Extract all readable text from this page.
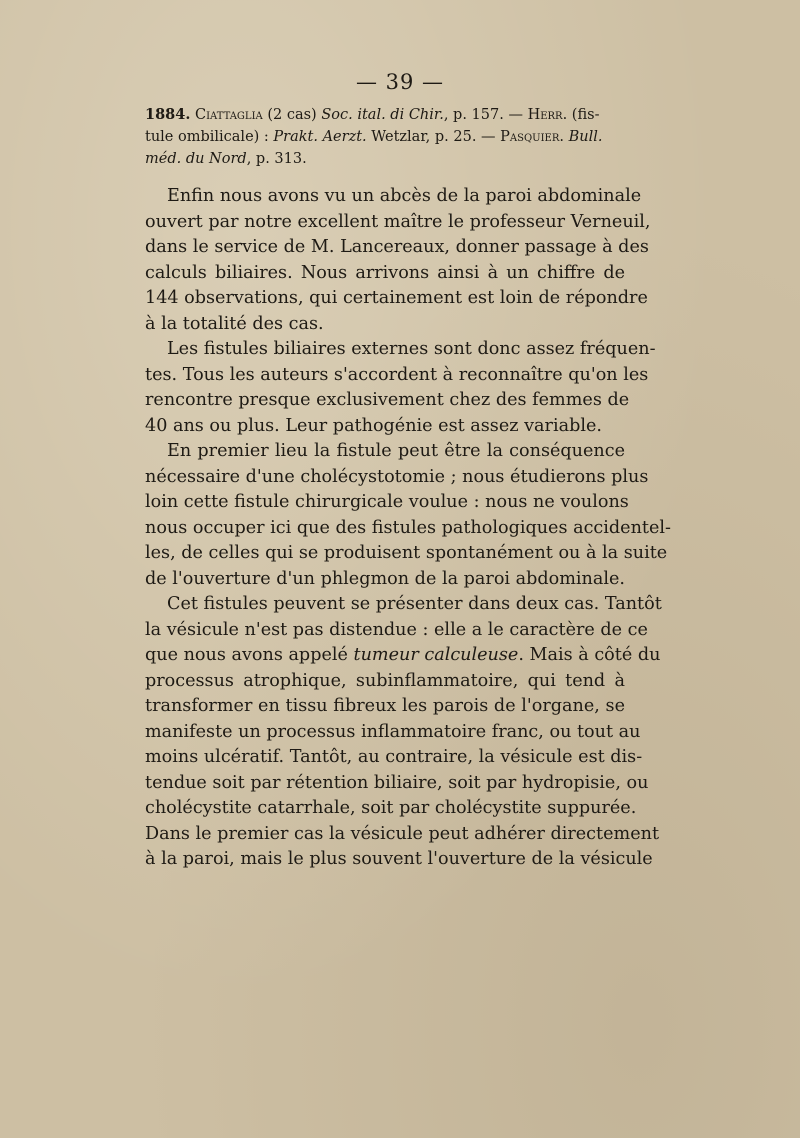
— 39 —
1884. Ciattaglia (2 cas) Soc. ital. di Chir., p. 157. — Herr. (fis-
tule ombilicale) : Prakt. Aerzt. Wetzlar, p. 25. — Pasquier. Bull.
méd. du Nord, p. 313.
Enfin nous avons vu un abcès de la paroi abdominale
ouvert par notre excellent maître le professeur Verneuil,
dans le service de M. Lancereaux, donner passage à des
calculs biliaires. Nous arrivons ainsi à un chiffre de
144 observations, qui certainement est loin de répondre
à la totalité des cas.
Les fistules biliaires externes sont donc assez fréquen-
tes. Tous les auteurs s'accordent à reconnaître qu'on les
rencontre presque exclusivement chez des femmes de
40 ans ou plus. Leur pathogénie est assez variable.
En premier lieu la fistule peut être la conséquence
nécessaire d'une cholécystotomie ; nous étudierons plus
loin cette fistule chirurgicale voulue : nous ne voulons
nous occuper ici que des fistules pathologiques accidentel-
les, de celles qui se produisent spontanément ou à la suite
de l'ouverture d'un phlegmon de la paroi abdominale.
Cet fistules peuvent se présenter dans deux cas. Tantôt
la vésicule n'est pas distendue : elle a le caractère de ce
que nous avons appelé tumeur calculeuse. Mais à côté du
processus atrophique, subinflammatoire, qui tend à
transformer en tissu fibreux les parois de l'organe, se
manifeste un processus inflammatoire franc, ou tout au
moins ulcératif. Tantôt, au contraire, la vésicule est dis-
tendue soit par rétention biliaire, soit par hydropisie, ou
cholécystite catarrhale, soit par cholécystite suppurée.
Dans le premier cas la vésicule peut adhérer directement
à la paroi, mais le plus souvent l'ouverture de la vésicule
